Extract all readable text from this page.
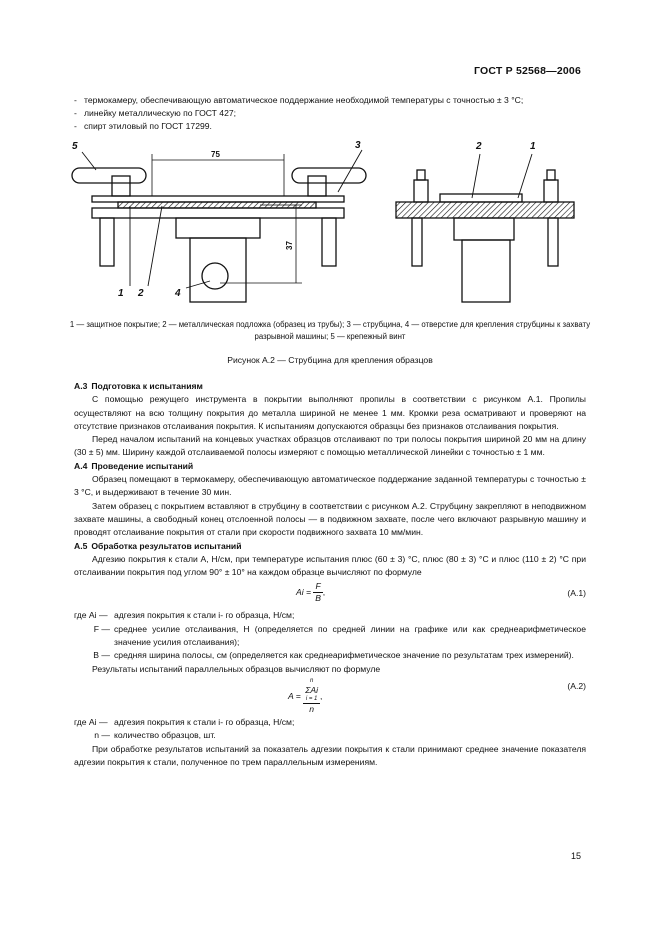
ГОСТ Р 52568—2006
- термокамеру, обеспечивающую автоматическое поддержание необходимой температуры с точностью ± 3 °С;
- линейку металлическую по ГОСТ 427;
- спирт этиловый по ГОСТ 17299.
5	3
1 2	4
2	1
75
37
1 — защитное покрытие; 2 — металлическая подложка (образец из трубы); 3 — струбцина, 4 — отверстие для крепления струбцины к захвату разрывной машины; 5 — крепежный винт
Рисунок А.2 — Струбцина для крепления образцов
А.3 Подготовка к испытаниям

С помощью режущего инструмента в покрытии выполняют пропилы в соответствии с рисунком А.1. Пропилы осуществляют на всю толщину покрытия до металла шириной не менее 1 мм. Кромки реза осматривают и проверяют на отсутствие признаков отслаивания покрытия. К испытаниям допускаются образцы без признаков отслаивания покрытия.

Перед началом испытаний на концевых участках образцов отслаивают по три полосы покрытия шириной 20 мм на длину (30 ± 5) мм. Ширину каждой отслаиваемой полосы измеряют с помощью металлической линейки с точностью ± 1 мм.

А.4 Проведение испытаний

Образец помещают в термокамеру, обеспечивающую автоматическое поддержание заданной температуры с точностью ± 3 °С, и выдерживают в течение 30 мин.

Затем образец с покрытием вставляют в струбцину в соответствии с рисунком А.2. Струбцину закрепляют в неподвижном захвате машины, а свободный конец отслоенной полосы — в подвижном захвате, после чего включают разрывную машину и проводят отслаивание покрытия от стали при скорости подвижного захвата 10 мм/мин.

А.5 Обработка результатов испытаний

Адгезию покрытия к стали А, Н/см, при температуре испытания плюс (60 ± 3) °С, плюс (80 ± 3) °С и плюс (110 ± 2) °С при отслаивании покрытия под углом 90° ± 10° на каждом образце вычисляют по формуле

$Ai = \frac{F}{B}$ ,	(А.1)
где Ai — адгезия покрытия к стали i- го образца, Н/см;
F — среднее усилие отслаивания, Н (определяется по средней линии на графике или как среднеарифметическое значение усилия отслаивания);
B — средняя ширина полосы, см (определяется как среднеарифметическое значение по результатам трех измерений).

Результаты испытаний параллельных образцов вычисляют по формуле

A = n
ΣAi
i = 1
n ,
(А.2)
где Ai — адгезия покрытия к стали i- го образца, Н/см;
n — количество образцов, шт.

При обработке результатов испытаний за показатель адгезии покрытия к стали принимают среднее значение показателя адгезии покрытия к стали, полученное по трем параллельным измерениям.

15
